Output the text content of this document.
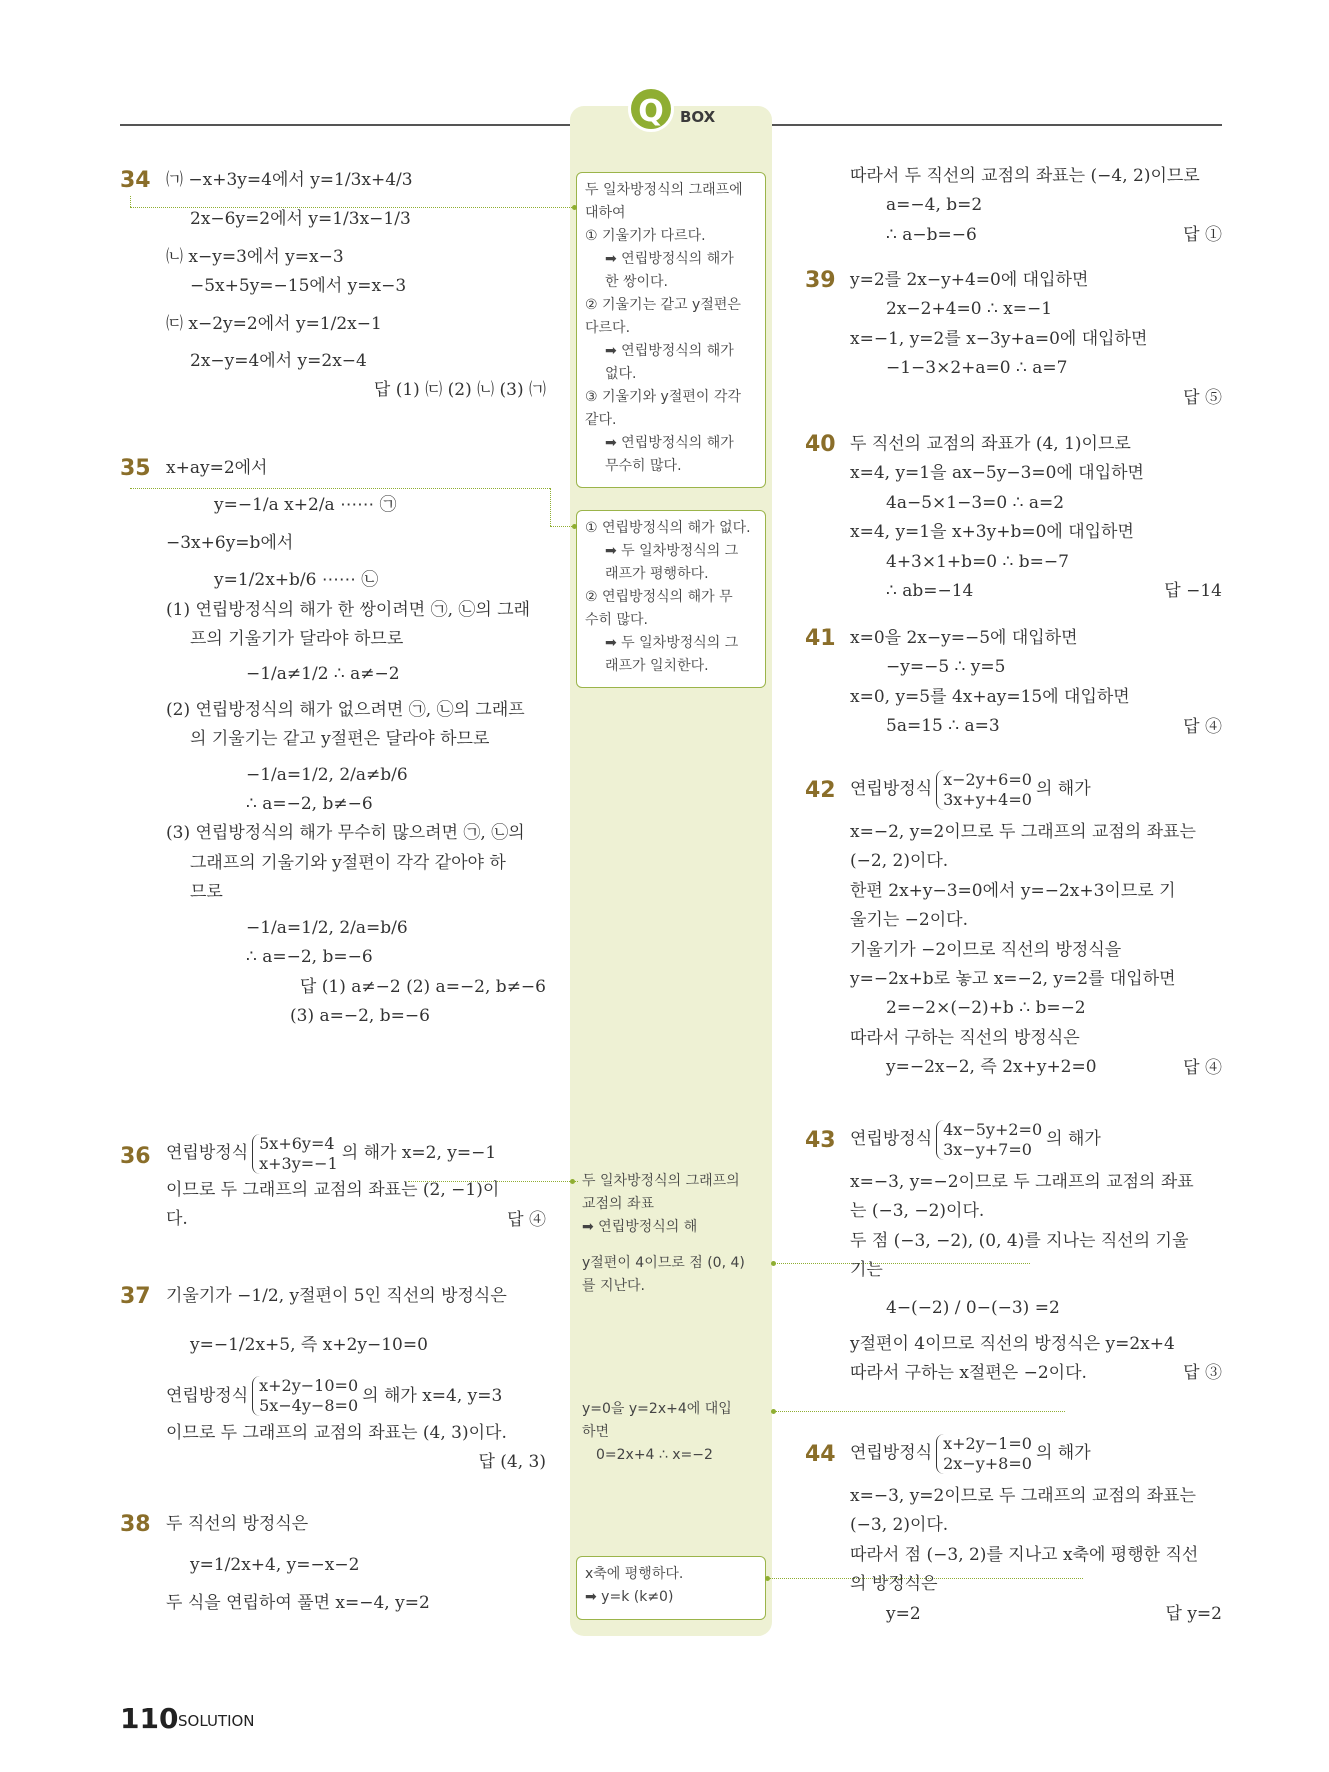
Q	BOX
두 일차방정식의 그래프에
대하여
① 기울기가 다르다.
➡ 연립방정식의 해가
한 쌍이다.
② 기울기는 같고 y절편은
다르다.
➡ 연립방정식의 해가
없다.
③ 기울기와 y절편이 각각
같다.
➡ 연립방정식의 해가
무수히 많다.
① 연립방정식의 해가 없다.
➡ 두 일차방정식의 그
래프가 평행하다.
② 연립방정식의 해가 무
수히 많다.
➡ 두 일차방정식의 그
래프가 일치한다.
두 일차방정식의 그래프의
교점의 좌표
➡ 연립방정식의 해
y절편이 4이므로 점 (0, 4)
를 지난다.
y=0을 y=2x+4에 대입
하면
0=2x+4 ∴ x=−2
x축에 평행하다.
➡ y=k (k≠0)
34 ㈀ −x+3y=4에서 y=1/3x+4/3
2x−6y=2에서 y=1/3x−1/3
㈁ x−y=3에서 y=x−3
−5x+5y=−15에서 y=x−3
㈂ x−2y=2에서 y=1/2x−1
2x−y=4에서 y=2x−4
답 (1) ㈂ (2) ㈁ (3) ㈀
35 x+ay=2에서
y=−1/a x+2/a ⋯⋯ ㉠
−3x+6y=b에서
y=1/2x+b/6 ⋯⋯ ㉡
(1) 연립방정식의 해가 한 쌍이려면 ㉠, ㉡의 그래
프의 기울기가 달라야 하므로
−1/a≠1/2 ∴ a≠−2
(2) 연립방정식의 해가 없으려면 ㉠, ㉡의 그래프
의 기울기는 같고 y절편은 달라야 하므로
−1/a=1/2, 2/a≠b/6
∴ a=−2, b≠−6
(3) 연립방정식의 해가 무수히 많으려면 ㉠, ㉡의
그래프의 기울기와 y절편이 각각 같아야 하
므로
−1/a=1/2, 2/a=b/6
∴ a=−2, b=−6
답 (1) a≠−2 (2) a=−2, b≠−6
(3) a=−2, b=−6
36 연립방정식 5x+6y=4
x+3y=−1 의 해가 x=2, y=−1
이므로 두 그래프의 교점의 좌표는 (2, −1)이
다.	답 ④
37 기울기가 −1/2, y절편이 5인 직선의 방정식은
y=−1/2x+5, 즉 x+2y−10=0
연립방정식 x+2y−10=0
5x−4y−8=0 의 해가 x=4, y=3
이므로 두 그래프의 교점의 좌표는 (4, 3)이다.
답 (4, 3)
38 두 직선의 방정식은
y=1/2x+4, y=−x−2
두 식을 연립하여 풀면 x=−4, y=2
따라서 두 직선의 교점의 좌표는 (−4, 2)이므로
a=−4, b=2
∴ a−b=−6	답 ①
39 y=2를 2x−y+4=0에 대입하면
2x−2+4=0 ∴ x=−1
x=−1, y=2를 x−3y+a=0에 대입하면
−1−3×2+a=0 ∴ a=7
답 ⑤
40 두 직선의 교점의 좌표가 (4, 1)이므로
x=4, y=1을 ax−5y−3=0에 대입하면
4a−5×1−3=0 ∴ a=2
x=4, y=1을 x+3y+b=0에 대입하면
4+3×1+b=0 ∴ b=−7
∴ ab=−14	답 −14
41 x=0을 2x−y=−5에 대입하면
−y=−5 ∴ y=5
x=0, y=5를 4x+ay=15에 대입하면
5a=15 ∴ a=3	답 ④
42 연립방정식 x−2y+6=0
3x+y+4=0 의 해가
x=−2, y=2이므로 두 그래프의 교점의 좌표는
(−2, 2)이다.
한편 2x+y−3=0에서 y=−2x+3이므로 기
울기는 −2이다.
기울기가 −2이므로 직선의 방정식을
y=−2x+b로 놓고 x=−2, y=2를 대입하면
2=−2×(−2)+b ∴ b=−2
따라서 구하는 직선의 방정식은
y=−2x−2, 즉 2x+y+2=0	답 ④
43 연립방정식 4x−5y+2=0
3x−y+7=0 의 해가
x=−3, y=−2이므로 두 그래프의 교점의 좌표
는 (−3, −2)이다.
두 점 (−3, −2), (0, 4)를 지나는 직선의 기울
기는
4−(−2) / 0−(−3) =2
y절편이 4이므로 직선의 방정식은 y=2x+4
따라서 구하는 x절편은 −2이다.	답 ③
44 연립방정식 x+2y−1=0
2x−y+8=0 의 해가
x=−3, y=2이므로 두 그래프의 교점의 좌표는
(−3, 2)이다.
따라서 점 (−3, 2)를 지나고 x축에 평행한 직선
의 방정식은
y=2	답 y=2
110 SOLUTION
